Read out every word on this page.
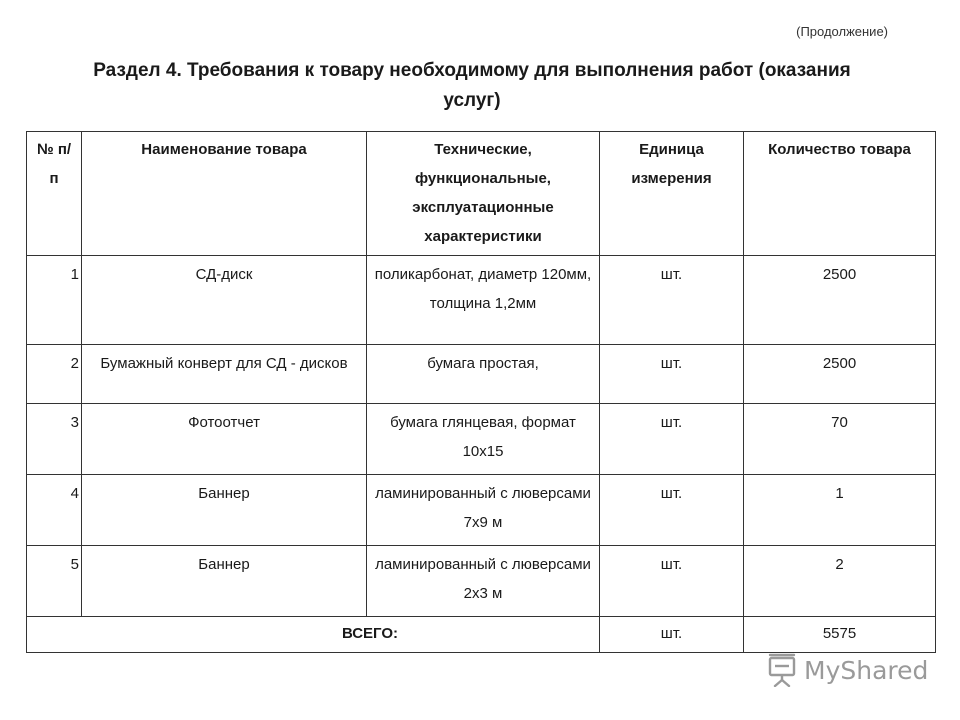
(Продолжение)
Раздел 4. Требования к товару необходимому для выполнения работ (оказания услуг)
№ п/п	Наименование товара	Технические, функциональные, эксплуатационные характеристики	Единица измерения	Количество товара
1	СД-диск	поликарбонат, диаметр 120мм, толщина 1,2мм	шт.	2500
2	Бумажный конверт для СД - дисков	бумага простая,	шт.	2500
3	Фотоотчет	бумага глянцевая, формат 10х15	шт.	70
4	Баннер	ламинированный с люверсами 7х9 м	шт.	1
5	Баннер	ламинированный с люверсами 2х3 м	шт.	2
ВСЕГО:			шт.	5575
MyShared
